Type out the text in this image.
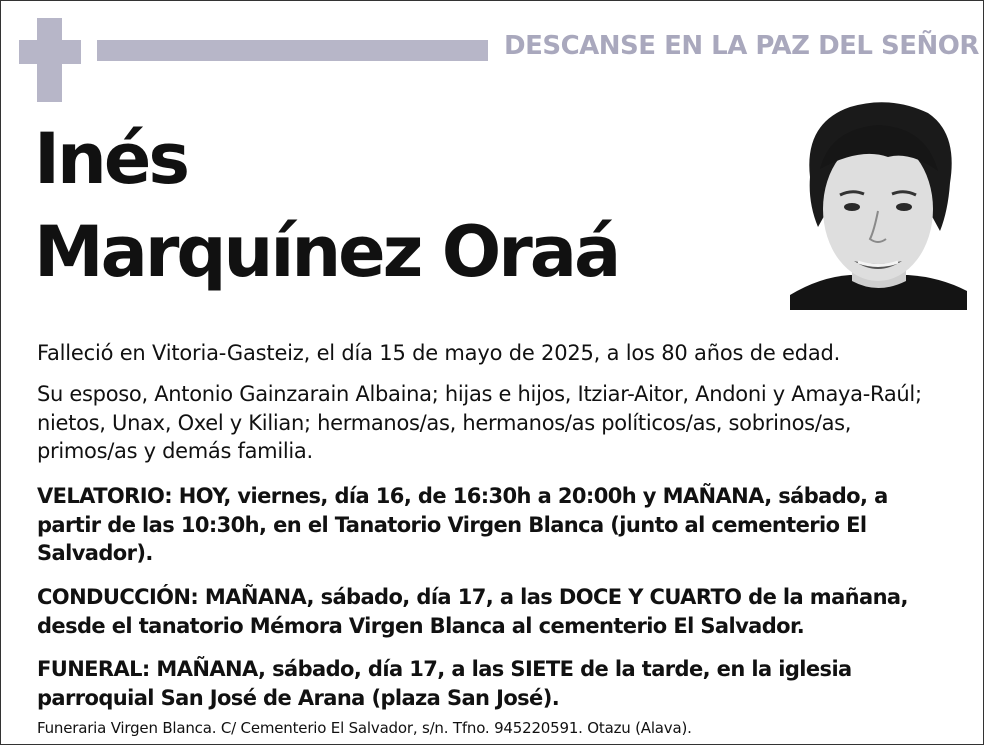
DESCANSE EN LA PAZ DEL SEÑOR
Inés
Marquínez Oraá
Falleció en Vitoria-Gasteiz, el día 15 de mayo de 2025, a los 80 años de edad.
Su esposo, Antonio Gainzarain Albaina; hijas e hijos, Itziar-Aitor, Andoni y Amaya-Raúl; nietos, Unax, Oxel y Kilian; hermanos/as, hermanos/as políticos/as, sobrinos/as, primos/as y demás familia.
VELATORIO: HOY, viernes, día 16, de 16:30h a 20:00h y MAÑANA, sábado, a partir de las 10:30h, en el Tanatorio Virgen Blanca (junto al cementerio El Salvador).
CONDUCCIÓN: MAÑANA, sábado, día 17, a las DOCE Y CUARTO de la mañana, desde el tanatorio Mémora Virgen Blanca al cementerio El Salvador.
FUNERAL: MAÑANA, sábado, día 17, a las SIETE de la tarde, en la iglesia parroquial San José de Arana (plaza San José).
Funeraria Virgen Blanca. C/ Cementerio El Salvador, s/n. Tfno. 945220591. Otazu (Alava).
